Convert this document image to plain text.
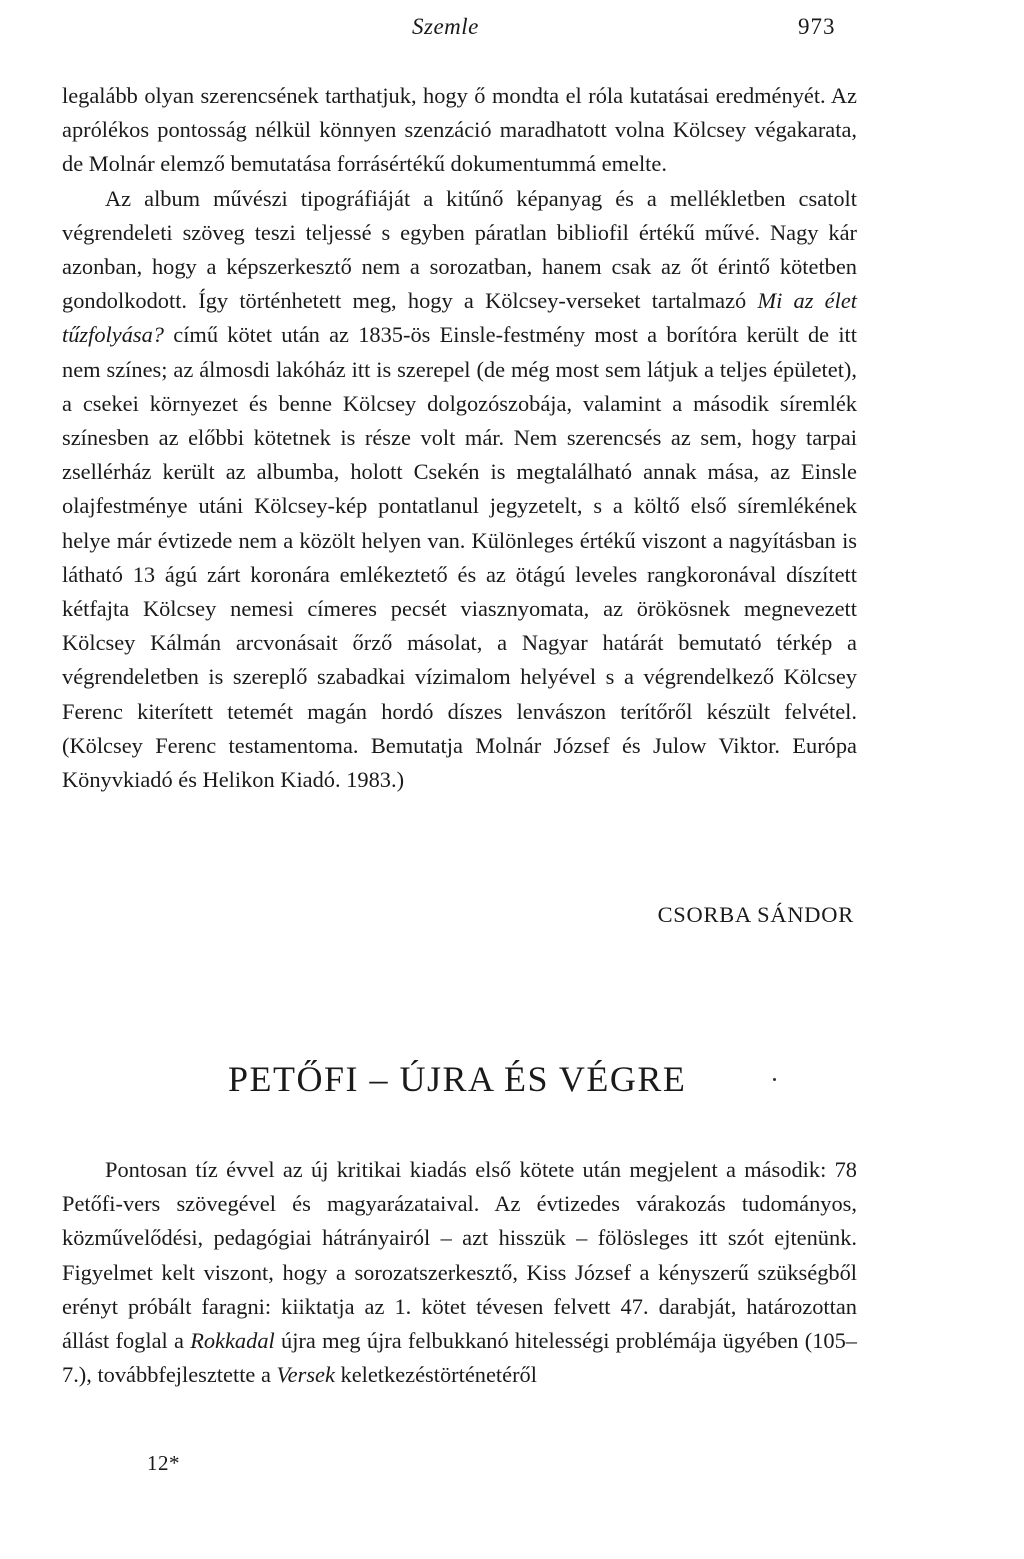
Szemle	973

legalább olyan szerencsének tarthatjuk, hogy ő mondta el róla kutatásai eredményét. Az aprólékos pontosság nélkül könnyen szenzáció maradhatott volna Kölcsey végakarata, de Molnár elemző bemutatása forrásértékű dokumentummá emelte.

Az album művészi tipográfiáját a kitűnő képanyag és a mellékletben csatolt végrendeleti szöveg teszi teljessé s egyben páratlan bibliofil értékű művé. Nagy kár azonban, hogy a képszerkesztő nem a sorozatban, hanem csak az őt érintő kötetben gondolkodott. Így történhetett meg, hogy a Kölcsey-verseket tartalmazó Mi az élet tűzfolyása? című kötet után az 1835-ös Einsle-festmény most a borítóra került de itt nem színes; az álmosdi lakóház itt is szerepel (de még most sem látjuk a teljes épületet), a csekei környezet és benne Kölcsey dolgozószobája, valamint a második síremlék színesben az előbbi kötetnek is része volt már. Nem szerencsés az sem, hogy tarpai zsellérház került az albumba, holott Csekén is megtalálható annak mása, az Einsle olajfestménye utáni Kölcsey-kép pontatlanul jegyzetelt, s a költő első síremlékének helye már évtizede nem a közölt helyen van. Különleges értékű viszont a nagyításban is látható 13 ágú zárt koronára emlékeztető és az ötágú leveles rangkoronával díszített kétfajta Kölcsey nemesi címeres pecsét viasznyomata, az örökösnek megnevezett Kölcsey Kálmán arcvonásait őrző másolat, a Nagyar határát bemutató térkép a végrendeletben is szereplő szabadkai vízimalom helyével s a végrendelkező Kölcsey Ferenc kiterített tetemét magán hordó díszes lenvászon terítőről készült felvétel. (Kölcsey Ferenc testamentoma. Bemutatja Molnár József és Julow Viktor. Európa Könyvkiadó és Helikon Kiadó. 1983.)

CSORBA SÁNDOR
PETŐFI – ÚJRA ÉS VÉGRE

Pontosan tíz évvel az új kritikai kiadás első kötete után megjelent a második: 78 Petőfi-vers szövegével és magyarázataival. Az évtizedes várakozás tudományos, közművelődési, pedagógiai hátrányairól – azt hisszük – fölösleges itt szót ejtenünk. Figyelmet kelt viszont, hogy a sorozatszerkesztő, Kiss József a kényszerű szükségből erényt próbált faragni: kiiktatja az 1. kötet tévesen felvett 47. darabját, határozottan állást foglal a Rokkadal újra meg újra felbukkanó hitelességi problémája ügyében (105–7.), továbbfejlesztette a Versek keletkezéstörténetéről

12*
